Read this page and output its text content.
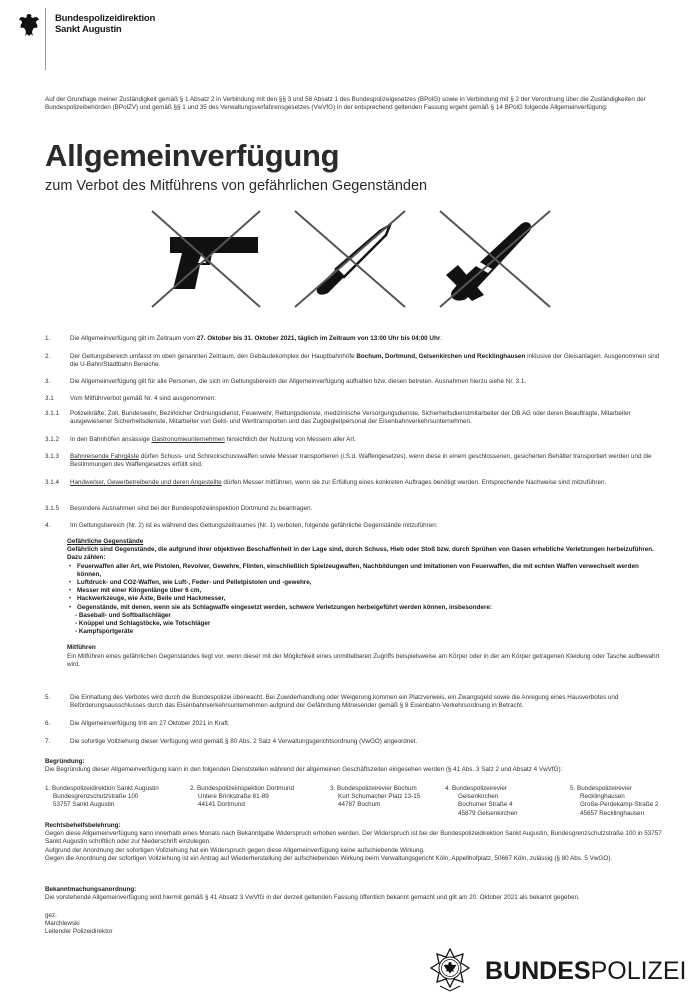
Bundespolizeidirektion
Sankt Augustin
Auf der Grundlage meiner Zuständigkeit gemäß § 1 Absatz 2 in Verbindung mit den §§ 3 und 58 Absatz 1 des Bundespolizeigesetzes (BPolG) sowie in Verbindung mit § 2 der Verordnung über die Zuständigkeiten der Bundespolizeibehörden (BPolZV) und gemäß §§ 1 und 35 des Verwaltungsverfahrensgesetzes (VwVfG) in der entsprechend geltenden Fassung ergeht gemäß § 14 BPolG folgende Allgemeinverfügung:
Allgemeinverfügung
zum Verbot des Mitführens von gefährlichen Gegenständen
1.	Die Allgemeinverfügung gilt im Zeitraum vom 27. Oktober bis 31. Oktober 2021, täglich im Zeitraum von 13:00 Uhr bis 04:00 Uhr.
2.	Der Geltungsbereich umfasst im oben genannten Zeitraum, den Gebäudekomplex der Hauptbahnhöfe Bochum, Dortmund, Gelsenkirchen und Recklinghausen inklusive der Gleisanlagen. Ausgenommen sind die U-Bahn/Stadtbahn Bereiche.
3.	Die Allgemeinverfügung gilt für alle Personen, die sich im Geltungsbereich der Allgemeinverfügung aufhalten bzw. diesen betreten. Ausnahmen hierzu siehe Nr. 3.1.
3.1	Vom Mitführverbot gemäß Nr. 4 sind ausgenommen:
3.1.1 Polizeikräfte, Zoll, Bundeswehr, Bezirklicher Ordnungsdienst, Feuerwehr, Rettungsdienste, medizinische Versorgungsdienste, Sicherheitsdienstmitarbeiter der DB AG oder deren Beauftragte, Mitarbeiter ausgewiesener Sicherheitsdienste, Mitarbeiter von Geld- und Werttransporten und das Zugbegleitpersonal der Eisenbahnverkehrsunternehmen.
3.1.2 In den Bahnhöfen ansässige Gastronomieunternehmen hinsichtlich der Nutzung von Messern aller Art.
3.1.3 Bahnreisende Fahrgäste dürfen Schuss- und Schreckschusswaffen sowie Messer transportieren (i.S.d. Waffengesetzes), wenn diese in einem geschlossenen, gesicherten Behälter transportiert werden und die Bestimmungen des Waffengesetzes erfüllt sind.
3.1.4 Handwerker, Gewerbetreibende und deren Angestellte dürfen Messer mitführen, wenn sie zur Erfüllung eines konkreten Auftrages benötigt werden. Entsprechende Nachweise sind mitzuführen.
3.1.5 Besondere Ausnahmen sind bei der Bundespolizeiinspektion Dortmund zu beantragen.
4.	Im Geltungsbereich (Nr. 2) ist es während des Geltungszeitraumes (Nr. 1) verboten, folgende gefährliche Gegenstände mitzuführen:
Gefährliche Gegenstände
Gefährlich sind Gegenstände, die aufgrund ihrer objektiven Beschaffenheit in der Lage sind, durch Schuss, Hieb oder Stoß bzw. durch Sprühen von Gasen erhebliche Verletzungen herbeizuführen. Dazu zählen:
• Feuerwaffen aller Art, wie Pistolen, Revolver, Gewehre, Flinten, einschließlich Spielzeugwaffen, Nachbildungen und Imitationen von Feuerwaffen, die mit echten Waffen verwechselt werden können,
• Luftdruck- und CO2-Waffen, wie Luft-, Feder- und Pelletpistolen und -gewehre,
• Messer mit einer Klingenlänge über 6 cm,
• Hackwerkzeuge, wie Äxte, Beile und Hackmesser,
• Gegenstände, mit denen, wenn sie als Schlagwaffe eingesetzt werden, schwere Verletzungen herbeigeführt werden können, insbesondere:
- Baseball- und Softballschläger
- Knüppel und Schlagstöcke, wie Totschläger
- Kampfsportgeräte
Mitführen
Ein Mitführen eines gefährlichen Gegenstandes liegt vor, wenn dieser mit der Möglichkeit eines unmittelbaren Zugriffs beispielsweise am Körper oder in der am Körper getragenen Kleidung oder Tasche aufbewahrt wird.
5.	Die Einhaltung des Verbotes wird durch die Bundespolizei überwacht. Bei Zuwiderhandlung oder Weigerung kommen ein Platzverweis, ein Zwangsgeld sowie die Anregung eines Hausverbotes und Beförderungsausschlusses durch das Eisenbahnverkehrsunternehmen aufgrund der Gefährdung Mitreisender gemäß § 8 Eisenbahn-Verkehrsordnung in Betracht.
6.	Die Allgemeinverfügung tritt am 27 Oktober 2021 in Kraft.
7.	Die sofortige Vollziehung dieser Verfügung wird gemäß § 80 Abs. 2 Satz 4 Verwaltungsgerichtsordnung (VwGO) angeordnet.
Begründung:
Die Begründung dieser Allgemeinverfügung kann in den folgenden Dienststellen während der allgemeinen Geschäftszeiten eingesehen werden (§ 41 Abs. 3 Satz 2 und Absatz 4 VwVfG):
1. Bundespolizeidirektion Sankt Augustin
Bundesgrenzschutzstraße 100
53757 Sankt Augustin
2. Bundespolizeiinspektion Dortmund
Untere Brinkstraße 81-89
44141 Dortmund
3. Bundespolizeirevier Bochum
Kurt Schumacher Platz 13-15
44787 Bochum
4. Bundespolizeirevier
Gelsenkirchen
Bochumer Straße 4
45879 Gelsenkirchen
5. Bundespolizeirevier
Recklinghausen
Große-Perdekamp-Straße 2
45657 Recklinghausen
Rechtsbehelfsbelehrung:
Gegen diese Allgemeinverfügung kann innerhalb eines Monats nach Bekanntgabe Widerspruch erhoben werden. Der Widerspruch ist bei der Bundespolizeidirektion Sankt Augustin, Bundesgrenzschutzstraße 100 in 53757 Sankt Augustin schriftlich oder zur Niederschrift einzulegen.
Aufgrund der Anordnung der sofortigen Vollziehung hat ein Widerspruch gegen diese Allgemeinverfügung keine aufschiebende Wirkung.
Gegen die Anordnung der sofortigen Vollziehung ist ein Antrag auf Wiederherstellung der aufschiebenden Wirkung beim Verwaltungsgericht Köln, Appellhofplatz, 50667 Köln, zulässig (§ 80 Abs. 5 VwGO).
Bekanntmachungsanordnung:
Die vorstehende Allgemeinverfügung wird hiermit gemäß § 41 Absatz 3 VwVfG in der derzeit geltenden Fassung öffentlich bekannt gemacht und gilt am 20. Oktober 2021 als bekannt gegeben.
gez.
Marchlewski
Leitender Polizeidirektor
BUNDESPOLIZEI
